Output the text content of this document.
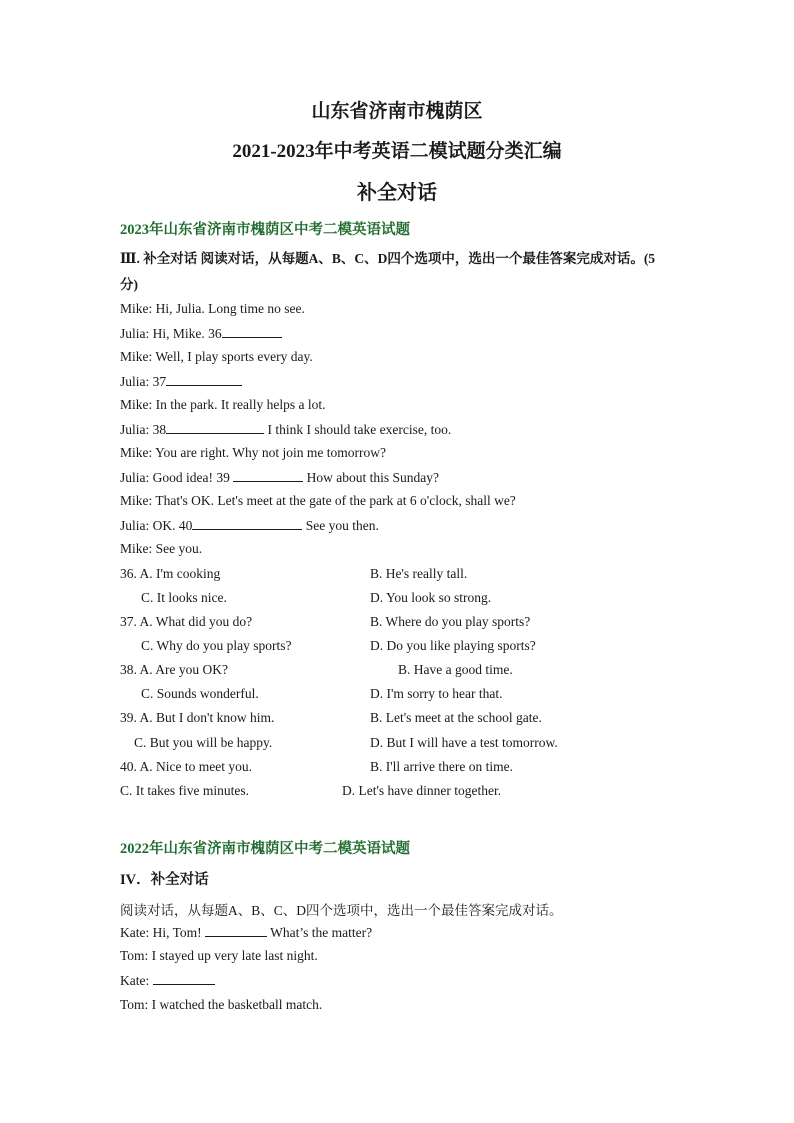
山东省济南市槐荫区
2021-2023年中考英语二模试题分类汇编
补全对话
2023年山东省济南市槐荫区中考二模英语试题
Ⅲ. 补全对话 阅读对话，从每题A、B、C、D四个选项中，选出一个最佳答案完成对话。(5
分)
Mike: Hi, Julia. Long time no see.
Julia: Hi, Mike. 36
Mike: Well, I play sports every day.
Julia: 37
Mike: In the park. It really helps a lot.
Julia: 38	I think I should take exercise, too.
Mike: You are right. Why not join me tomorrow?
Julia: Good idea! 39	How about this Sunday?
Mike: That's OK. Let's meet at the gate of the park at 6 o'clock, shall we?
Julia: OK. 40	See you then.
Mike: See you.
36. A. I'm cooking	B. He's really tall.
C. It looks nice.	D. You look so strong.
37. A. What did you do?	B. Where do you play sports?
C. Why do you play sports?	D. Do you like playing sports?
38. A. Are you OK?	B. Have a good time.
C. Sounds wonderful.	D. I'm sorry to hear that.
39. A. But I don't know him.	B. Let's meet at the school gate.
C. But you will be happy.	D. But I will have a test tomorrow.
40. A. Nice to meet you.	B. I'll arrive there on time.
C. It takes five minutes.	D. Let's have dinner together.
2022年山东省济南市槐荫区中考二模英语试题
IV．补全对话
阅读对话，从每题A、B、C、D四个选项中，选出一个最佳答案完成对话。
Kate: Hi, Tom!	What’s the matter?
Tom: I stayed up very late last night.
Kate:
Tom: I watched the basketball match.
